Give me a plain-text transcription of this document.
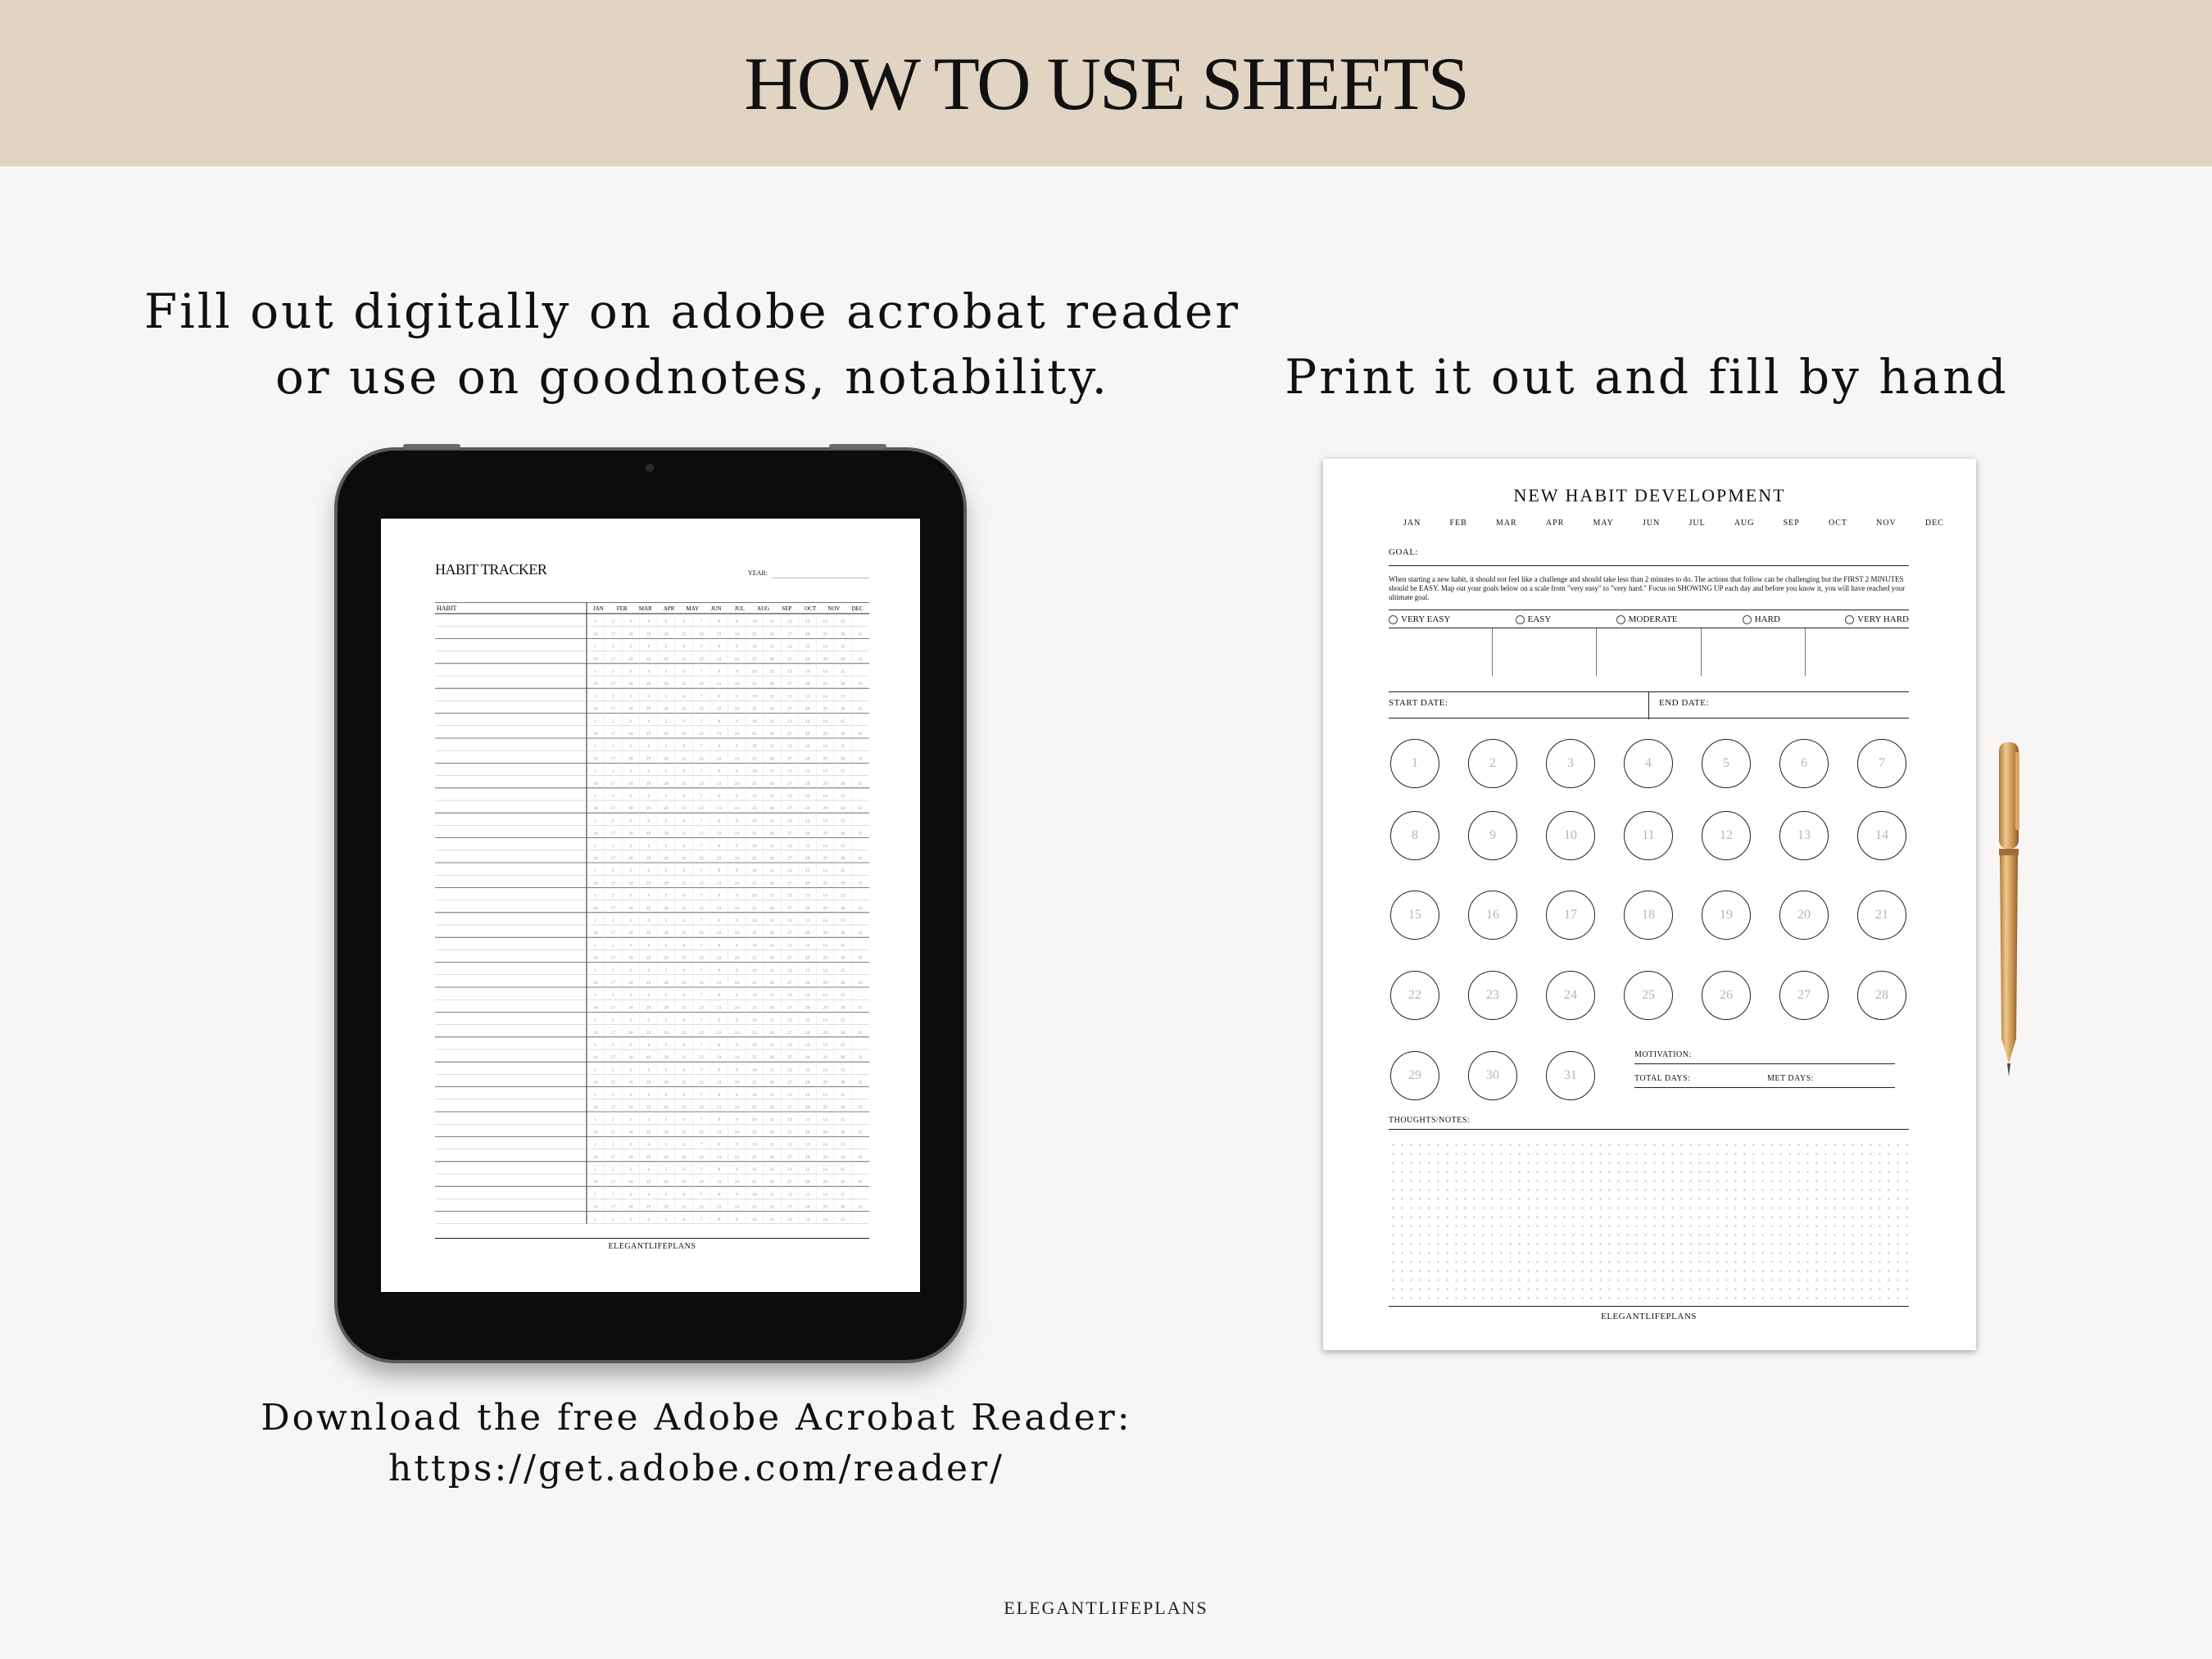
HOW TO USE SHEETS
Fill out digitally on adobe acrobat reader
or use on goodnotes, notability.	Print it out and fill by hand
HABIT TRACKER	YEAR:
HABIT	JAN FEB MAR APR MAY JUN JUL AUG SEP OCT NOV DEC
1	2	3	4	5	6	7	8	9	10	11	12	13	14	15
16	17	18	19	20	21	22	23	24	25	26	27	28	29	30	31
1	2	3	4	5	6	7	8	9	10	11	12	13	14	15
16	17	18	19	20	21	22	23	24	25	26	27	28	29	30	31
1	2	3	4	5	6	7	8	9	10	11	12	13	14	15
16	17	18	19	20	21	22	23	24	25	26	27	28	29	30	31
1	2	3	4	5	6	7	8	9	10	11	12	13	14	15
16	17	18	19	20	21	22	23	24	25	26	27	28	29	30	31
1	2	3	4	5	6	7	8	9	10	11	12	13	14	15
16	17	18	19	20	21	22	23	24	25	26	27	28	29	30	31
1	2	3	4	5	6	7	8	9	10	11	12	13	14	15
16	17	18	19	20	21	22	23	24	25	26	27	28	29	30	31
1	2	3	4	5	6	7	8	9	10	11	12	13	14	15
16	17	18	19	20	21	22	23	24	25	26	27	28	29	30	31
1	2	3	4	5	6	7	8	9	10	11	12	13	14	15
16	17	18	19	20	21	22	23	24	25	26	27	28	29	30	31
1	2	3	4	5	6	7	8	9	10	11	12	13	14	15
16	17	18	19	20	21	22	23	24	25	26	27	28	29	30	31
1	2	3	4	5	6	7	8	9	10	11	12	13	14	15
16	17	18	19	20	21	22	23	24	25	26	27	28	29	30	31
1	2	3	4	5	6	7	8	9	10	11	12	13	14	15
16	17	18	19	20	21	22	23	24	25	26	27	28	29	30	31
1	2	3	4	5	6	7	8	9	10	11	12	13	14	15
16	17	18	19	20	21	22	23	24	25	26	27	28	29	30	31
1	2	3	4	5	6	7	8	9	10	11	12	13	14	15
16	17	18	19	20	21	22	23	24	25	26	27	28	29	30	31
1	2	3	4	5	6	7	8	9	10	11	12	13	14	15
16	17	18	19	20	21	22	23	24	25	26	27	28	29	30	31
1	2	3	4	5	6	7	8	9	10	11	12	13	14	15
16	17	18	19	20	21	22	23	24	25	26	27	28	29	30	31
1	2	3	4	5	6	7	8	9	10	11	12	13	14	15
16	17	18	19	20	21	22	23	24	25	26	27	28	29	30	31
1	2	3	4	5	6	7	8	9	10	11	12	13	14	15
16	17	18	19	20	21	22	23	24	25	26	27	28	29	30	31
1	2	3	4	5	6	7	8	9	10	11	12	13	14	15
16	17	18	19	20	21	22	23	24	25	26	27	28	29	30	31
1	2	3	4	5	6	7	8	9	10	11	12	13	14	15
16	17	18	19	20	21	22	23	24	25	26	27	28	29	30	31
1	2	3	4	5	6	7	8	9	10	11	12	13	14	15
16	17	18	19	20	21	22	23	24	25	26	27	28	29	30	31
1	2	3	4	5	6	7	8	9	10	11	12	13	14	15
16	17	18	19	20	21	22	23	24	25	26	27	28	29	30	31
1	2	3	4	5	6	7	8	9	10	11	12	13	14	15
16	17	18	19	20	21	22	23	24	25	26	27	28	29	30	31
1	2	3	4	5	6	7	8	9	10	11	12	13	14	15
16	17	18	19	20	21	22	23	24	25	26	27	28	29	30	31
1	2	3	4	5	6	7	8	9	10	11	12	13	14	15
16	17	18	19	20	21	22	23	24	25	26	27	28	29	30	31
1	2	3	4	5	6	7	8	9	10	11	12	13	14	15
ELEGANTLIFEPLANS
Download the free Adobe Acrobat Reader:
https://get.adobe.com/reader/
NEW HABIT DEVELOPMENT
JAN	FEB	MAR	APR	MAY	JUN	JUL	AUG	SEP	OCT	NOV	DEC
GOAL:
When starting a new habit, it should not feel like a challenge and should take less than 2 minutes to do. The actions that follow can be challenging but the FIRST 2 MINUTES should be EASY. Map out your goals below on a scale from "very easy" to "very hard." Focus on SHOWING UP each day and before you know it, you will have reached your ultimate goal.
VERY EASY	EASY	MODERATE	HARD	VERY HARD
START DATE:	END DATE:
1	2	3	4	5	6	7
8	9	10	11	12	13	14
15	16	17	18	19	20	21
22	23	24	25	26	27	28
29	30	31
MOTIVATION:
TOTAL DAYS:	MET DAYS:
THOUGHTS/NOTES:
ELEGANTLIFEPLANS
ELEGANTLIFEPLANS
